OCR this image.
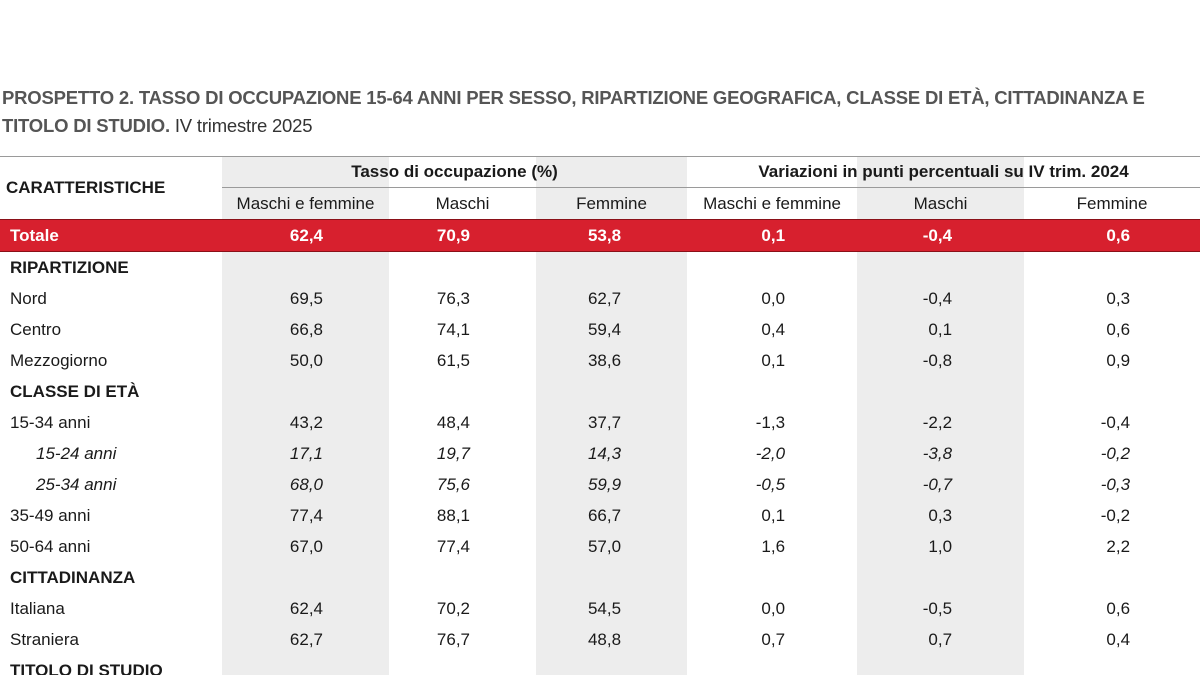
PROSPETTO 2. TASSO DI OCCUPAZIONE 15-64 ANNI PER SESSO, RIPARTIZIONE GEOGRAFICA, CLASSE DI ETÀ, CITTADINANZA E TITOLO DI STUDIO. IV trimestre 2025
CARATTERISTICHE	Tasso di occupazione (%)			Variazioni in punti percentuali su IV trim. 2024		
	Maschi e femmine	Maschi	Femmine	Maschi e femmine	Maschi	Femmine
Totale	62,4	70,9	53,8	0,1	-0,4	0,6
RIPARTIZIONE						
Nord	69,5	76,3	62,7	0,0	-0,4	0,3
Centro	66,8	74,1	59,4	0,4	0,1	0,6
Mezzogiorno	50,0	61,5	38,6	0,1	-0,8	0,9
CLASSE DI ETÀ						
15-34 anni	43,2	48,4	37,7	-1,3	-2,2	-0,4
15-24 anni	17,1	19,7	14,3	-2,0	-3,8	-0,2
25-34 anni	68,0	75,6	59,9	-0,5	-0,7	-0,3
35-49 anni	77,4	88,1	66,7	0,1	0,3	-0,2
50-64 anni	67,0	77,4	57,0	1,6	1,0	2,2
CITTADINANZA						
Italiana	62,4	70,2	54,5	0,0	-0,5	0,6
Straniera	62,7	76,7	48,8	0,7	0,7	0,4
TITOLO DI STUDIO						
